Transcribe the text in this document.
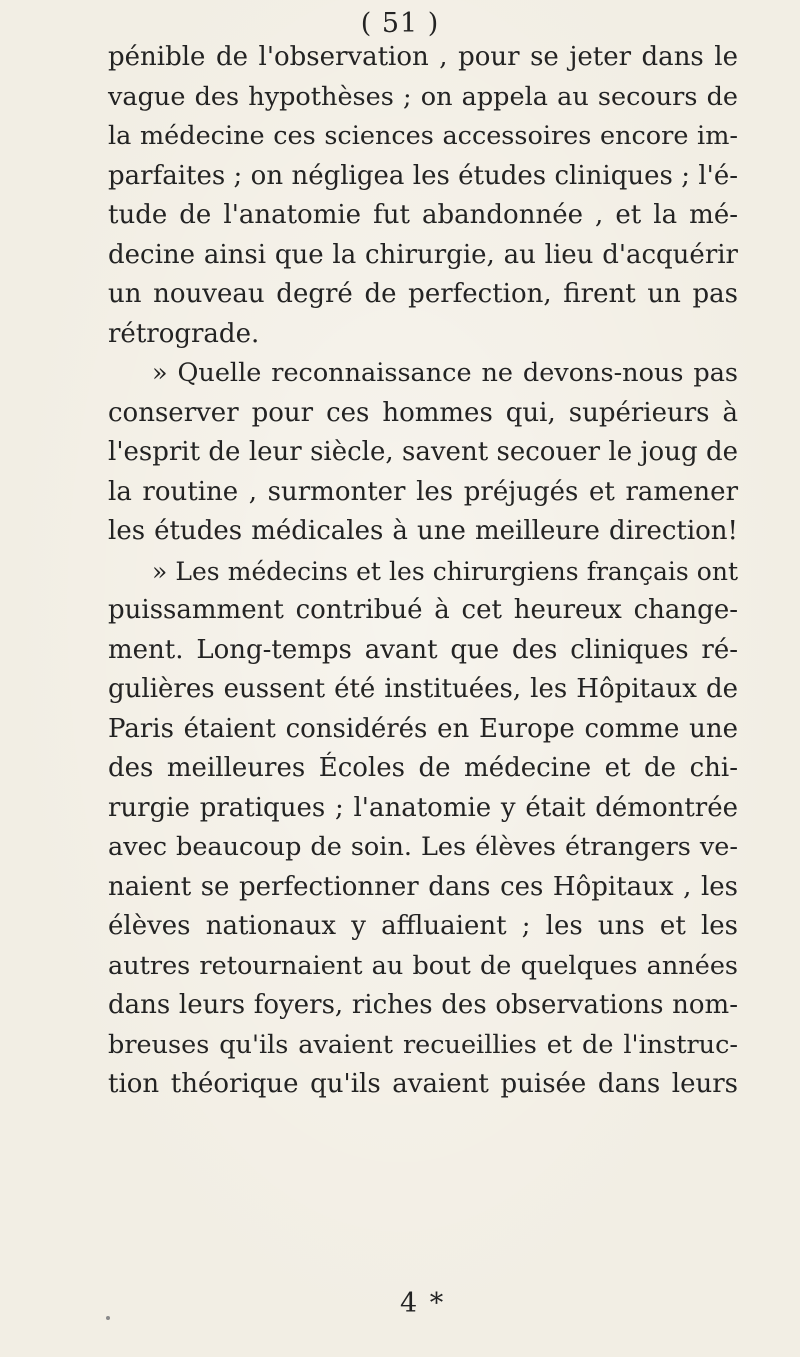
( 51 )
pénible de l'observation , pour se jeter dans le
vague des hypothèses ; on appela au secours de
la médecine ces sciences accessoires encore im-
parfaites ; on négligea les études cliniques ; l'é-
tude de l'anatomie fut abandonnée , et la mé-
decine ainsi que la chirurgie, au lieu d'acquérir
un nouveau degré de perfection, firent un pas
rétrograde.
» Quelle reconnaissance ne devons-nous pas
conserver pour ces hommes qui, supérieurs à
l'esprit de leur siècle, savent secouer le joug de
la routine , surmonter les préjugés et ramener
les études médicales à une meilleure direction!
» Les médecins et les chirurgiens français ont
puissamment contribué à cet heureux change-
ment. Long-temps avant que des cliniques ré-
gulières eussent été instituées, les Hôpitaux de
Paris étaient considérés en Europe comme une
des meilleures Écoles de médecine et de chi-
rurgie pratiques ; l'anatomie y était démontrée
avec beaucoup de soin. Les élèves étrangers ve-
naient se perfectionner dans ces Hôpitaux , les
élèves nationaux y affluaient ; les uns et les
autres retournaient au bout de quelques années
dans leurs foyers, riches des observations nom-
breuses qu'ils avaient recueillies et de l'instruc-
tion théorique qu'ils avaient puisée dans leurs
4 *
